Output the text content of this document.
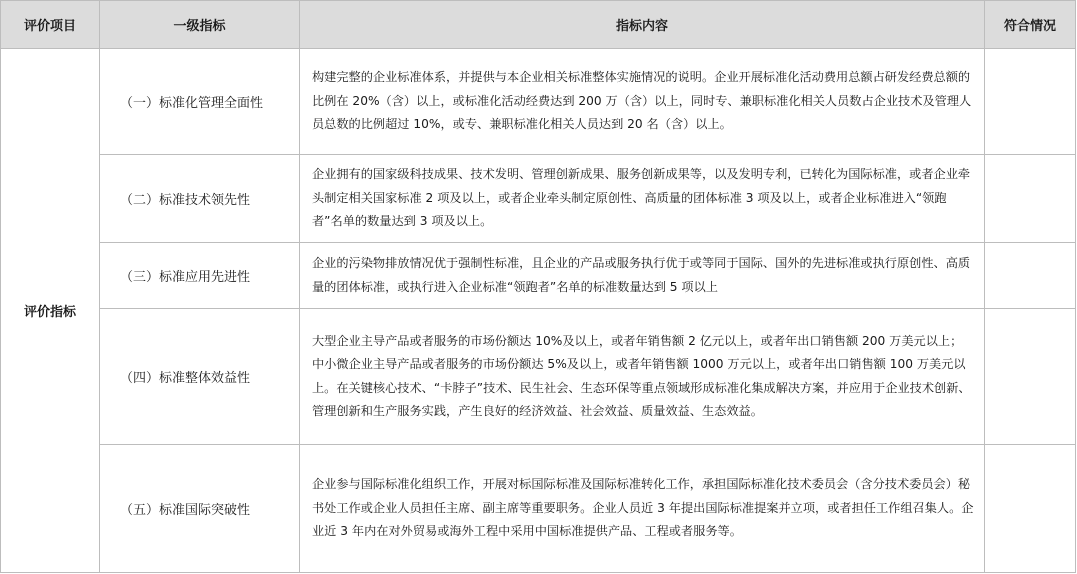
评价项目	一级指标	指标内容	符合情况
评价指标	（一）标准化管理全面性	构建完整的企业标准体系，并提供与本企业相关标准整体实施情况的说明。企业开展标准化活动费用总额占研发经费总额的比例在 20%（含）以上，或标准化活动经费达到 200 万（含）以上，同时专、兼职标准化相关人员数占企业技术及管理人员总数的比例超过 10%，或专、兼职标准化相关人员达到 20 名（含）以上。	
	（二）标准技术领先性	企业拥有的国家级科技成果、技术发明、管理创新成果、服务创新成果等，以及发明专利，已转化为国际标准，或者企业牵头制定相关国家标准 2 项及以上，或者企业牵头制定原创性、高质量的团体标准 3 项及以上，或者企业标准进入“领跑者”名单的数量达到 3 项及以上。	
	（三）标准应用先进性	企业的污染物排放情况优于强制性标准，且企业的产品或服务执行优于或等同于国际、国外的先进标准或执行原创性、高质量的团体标准，或执行进入企业标准“领跑者”名单的标准数量达到 5 项以上	
	（四）标准整体效益性	大型企业主导产品或者服务的市场份额达 10%及以上，或者年销售额 2 亿元以上，或者年出口销售额 200 万美元以上；中小微企业主导产品或者服务的市场份额达 5%及以上，或者年销售额 1000 万元以上，或者年出口销售额 100 万美元以上。在关键核心技术、“卡脖子”技术、民生社会、生态环保等重点领域形成标准化集成解决方案，并应用于企业技术创新、管理创新和生产服务实践，产生良好的经济效益、社会效益、质量效益、生态效益。	
	（五）标准国际突破性	企业参与国际标准化组织工作，开展对标国际标准及国际标准转化工作，承担国际标准化技术委员会（含分技术委员会）秘书处工作或企业人员担任主席、副主席等重要职务。企业人员近 3 年提出国际标准提案并立项，或者担任工作组召集人。企业近 3 年内在对外贸易或海外工程中采用中国标准提供产品、工程或者服务等。	
